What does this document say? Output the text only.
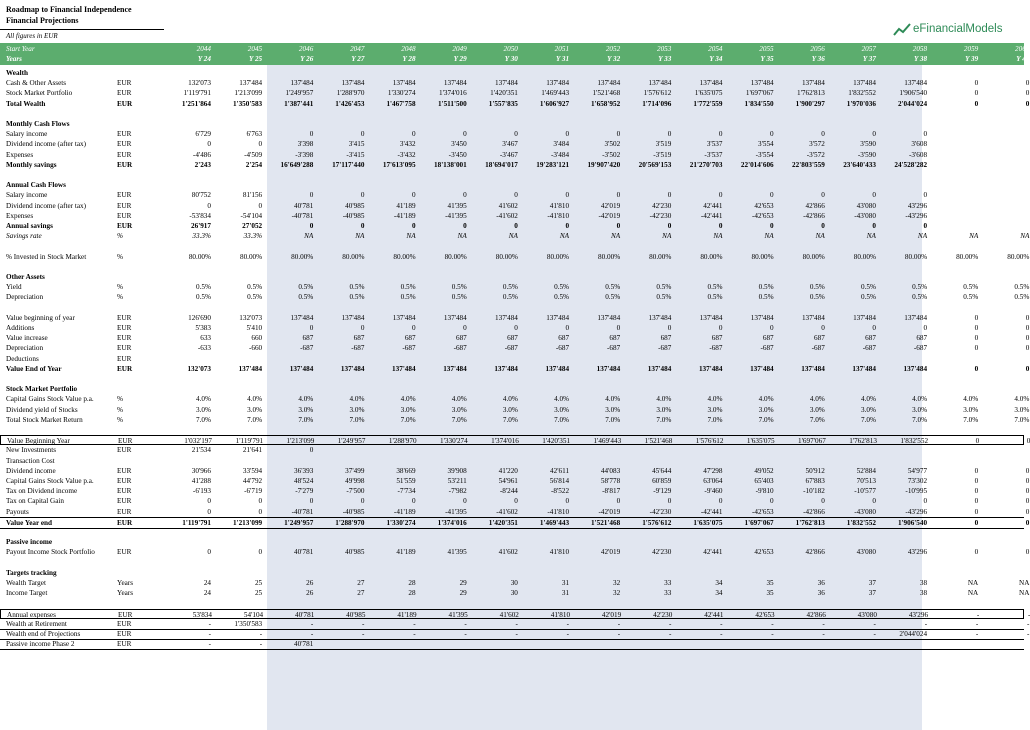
Roadmap to Financial Independence
Financial Projections
All figures in EUR
eFinancialModels
Start Year	2044	2045	2046	2047	2048	2049	2050	2051	2052	2053	2054	2055	2056	2057	2058	2059	2060
Years	Y 24	Y 25	Y 26	Y 27	Y 28	Y 29	Y 30	Y 31	Y 32	Y 33	Y 34	Y 35	Y 36	Y 37	Y 38	Y 39	Y 40
Wealth
Cash & Other Assets	EUR	132'073	137'484	137'484	137'484	137'484	137'484	137'484	137'484	137'484	137'484	137'484	137'484	137'484	137'484	137'484	0	0
Stock Market Portfolio	EUR	1'119'791	1'213'099	1'249'957	1'288'970	1'330'274	1'374'016	1'420'351	1'469'443	1'521'468	1'576'612	1'635'075	1'697'067	1'762'813	1'832'552	1'906'540	0	0
Total Wealth	EUR	1'251'864	1'350'583	1'387'441	1'426'453	1'467'758	1'511'500	1'557'835	1'606'927	1'658'952	1'714'096	1'772'559	1'834'550	1'900'297	1'970'036	2'044'024	0	0
Monthly Cash Flows
Salary income	EUR	6'729	6'763	0	0	0	0	0	0	0	0	0	0	0	0	0
Dividend income (after tax)	EUR	0	0	3'398	3'415	3'432	3'450	3'467	3'484	3'502	3'519	3'537	3'554	3'572	3'590	3'608
Expenses	EUR	-4'486	-4'509	-3'398	-3'415	-3'432	-3'450	-3'467	-3'484	-3'502	-3'519	-3'537	-3'554	-3'572	-3'590	-3'608
Monthly savings	EUR	2'243	2'254	16'649'288	17'117'440	17'613'095	18'138'001	18'694'017	19'283'121	19'907'420	20'569'153	21'270'703	22'014'606	22'803'559	23'640'433	24'528'282
Annual Cash Flows
Salary income	EUR	80'752	81'156	0	0	0	0	0	0	0	0	0	0	0	0	0
Dividend income (after tax)	EUR	0	0	40'781	40'985	41'189	41'395	41'602	41'810	42'019	42'230	42'441	42'653	42'866	43'080	43'296
Expenses	EUR	-53'834	-54'104	-40'781	-40'985	-41'189	-41'395	-41'602	-41'810	-42'019	-42'230	-42'441	-42'653	-42'866	-43'080	-43'296
Annual savings	EUR	26'917	27'052	0	0	0	0	0	0	0	0	0	0	0	0	0
Savings rate	%	33.3%	33.3%	NA	NA	NA	NA	NA	NA	NA	NA	NA	NA	NA	NA	NA	NA	NA
% Invested in Stock Market	%	80.00%	80.00%	80.00%	80.00%	80.00%	80.00%	80.00%	80.00%	80.00%	80.00%	80.00%	80.00%	80.00%	80.00%	80.00%	80.00%	80.00%
Other Assets
Yield	%	0.5%	0.5%	0.5%	0.5%	0.5%	0.5%	0.5%	0.5%	0.5%	0.5%	0.5%	0.5%	0.5%	0.5%	0.5%	0.5%	0.5%
Depreciation	%	0.5%	0.5%	0.5%	0.5%	0.5%	0.5%	0.5%	0.5%	0.5%	0.5%	0.5%	0.5%	0.5%	0.5%	0.5%	0.5%	0.5%
Value beginning of year	EUR	126'690	132'073	137'484	137'484	137'484	137'484	137'484	137'484	137'484	137'484	137'484	137'484	137'484	137'484	137'484	0	0
Additions	EUR	5'383	5'410	0	0	0	0	0	0	0	0	0	0	0	0	0	0	0
Value increase	EUR	633	660	687	687	687	687	687	687	687	687	687	687	687	687	687	0	0
Depreciation	EUR	-633	-660	-687	-687	-687	-687	-687	-687	-687	-687	-687	-687	-687	-687	-687	0	0
Deductions	EUR
Value End of Year	EUR	132'073	137'484	137'484	137'484	137'484	137'484	137'484	137'484	137'484	137'484	137'484	137'484	137'484	137'484	137'484	0	0
Stock Market Portfolio
Capital Gains Stock Value p.a.	%	4.0%	4.0%	4.0%	4.0%	4.0%	4.0%	4.0%	4.0%	4.0%	4.0%	4.0%	4.0%	4.0%	4.0%	4.0%	4.0%	4.0%
Dividend yield of Stocks	%	3.0%	3.0%	3.0%	3.0%	3.0%	3.0%	3.0%	3.0%	3.0%	3.0%	3.0%	3.0%	3.0%	3.0%	3.0%	3.0%	3.0%
Total Stock Market Return	%	7.0%	7.0%	7.0%	7.0%	7.0%	7.0%	7.0%	7.0%	7.0%	7.0%	7.0%	7.0%	7.0%	7.0%	7.0%	7.0%	7.0%
Value Beginning Year	EUR	1'032'197	1'119'791	1'213'099	1'249'957	1'288'970	1'330'274	1'374'016	1'420'351	1'469'443	1'521'468	1'576'612	1'635'075	1'697'067	1'762'813	1'832'552	0	0
New Investments	EUR	21'534	21'641	0
Transaction Cost
Dividend income	EUR	30'966	33'594	36'393	37'499	38'669	39'908	41'220	42'611	44'083	45'644	47'298	49'052	50'912	52'884	54'977	0	0
Capital Gains Stock Value p.a.	EUR	41'288	44'792	48'524	49'998	51'559	53'211	54'961	56'814	58'778	60'859	63'064	65'403	67'883	70'513	73'302	0	0
Tax on Dividend income	EUR	-6'193	-6'719	-7'279	-7'500	-7'734	-7'982	-8'244	-8'522	-8'817	-9'129	-9'460	-9'810	-10'182	-10'577	-10'995	0	0
Tax on Capital Gain	EUR	0	0	0	0	0	0	0	0	0	0	0	0	0	0	0	0	0
Payouts	EUR	0	0	-40'781	-40'985	-41'189	-41'395	-41'602	-41'810	-42'019	-42'230	-42'441	-42'653	-42'866	-43'080	-43'296	0	0
Value Year end	EUR	1'119'791	1'213'099	1'249'957	1'288'970	1'330'274	1'374'016	1'420'351	1'469'443	1'521'468	1'576'612	1'635'075	1'697'067	1'762'813	1'832'552	1'906'540	0	0
Passive income
Payout Income Stock Portfolio	EUR	0	0	40'781	40'985	41'189	41'395	41'602	41'810	42'019	42'230	42'441	42'653	42'866	43'080	43'296	0	0
Targets tracking
Wealth Target	Years	24	25	26	27	28	29	30	31	32	33	34	35	36	37	38	NA	NA
Income Target	Years	24	25	26	27	28	29	30	31	32	33	34	35	36	37	38	NA	NA
Annual expenses	EUR	53'834	54'104	40'781	40'985	41'189	41'395	41'602	41'810	42'019	42'230	42'441	42'653	42'866	43'080	43'296	-
Wealth at Retirement	EUR	-	1'350'583	-	-	-	-	-	-	-	-	-	-	-	-	-	-	-
Wealth end of Projections	EUR	-	-	-	-	-	-	-	-	-	-	-	-	-	-	2'044'024	-	-
Passive income Phase 2	EUR	-	-	40'781
